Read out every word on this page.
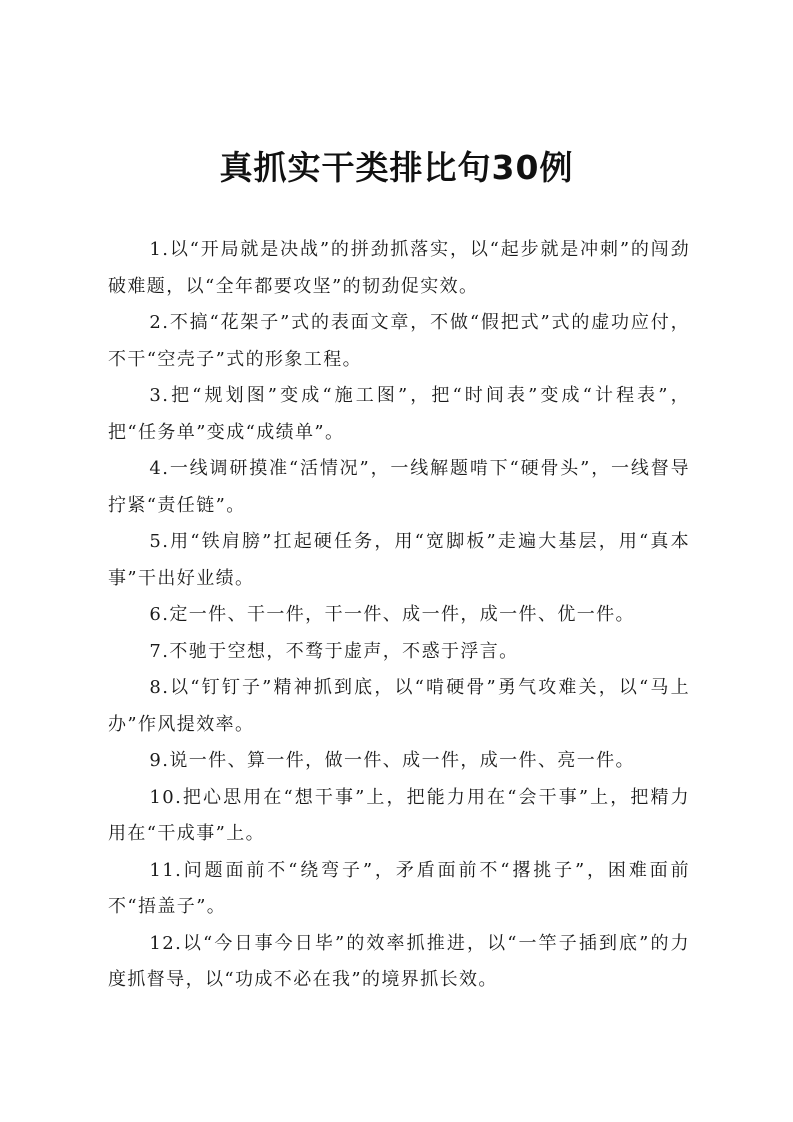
真抓实干类排比句30例

1.以“开局就是决战”的拼劲抓落实，以“起步就是冲刺”的闯劲破难题，以“全年都要攻坚”的韧劲促实效。

2.不搞“花架子”式的表面文章，不做“假把式”式的虚功应付，不干“空壳子”式的形象工程。

3.把“规划图”变成“施工图”，把“时间表”变成“计程表”，把“任务单”变成“成绩单”。

4.一线调研摸准“活情况”，一线解题啃下“硬骨头”，一线督导拧紧“责任链”。

5.用“铁肩膀”扛起硬任务，用“宽脚板”走遍大基层，用“真本事”干出好业绩。

6.定一件、干一件，干一件、成一件，成一件、优一件。

7.不驰于空想，不骛于虚声，不惑于浮言。

8.以“钉钉子”精神抓到底，以“啃硬骨”勇气攻难关，以“马上办”作风提效率。

9.说一件、算一件，做一件、成一件，成一件、亮一件。

10.把心思用在“想干事”上，把能力用在“会干事”上，把精力用在“干成事”上。

11.问题面前不“绕弯子”，矛盾面前不“撂挑子”，困难面前不“捂盖子”。

12.以“今日事今日毕”的效率抓推进，以“一竿子插到底”的力度抓督导，以“功成不必在我”的境界抓长效。
